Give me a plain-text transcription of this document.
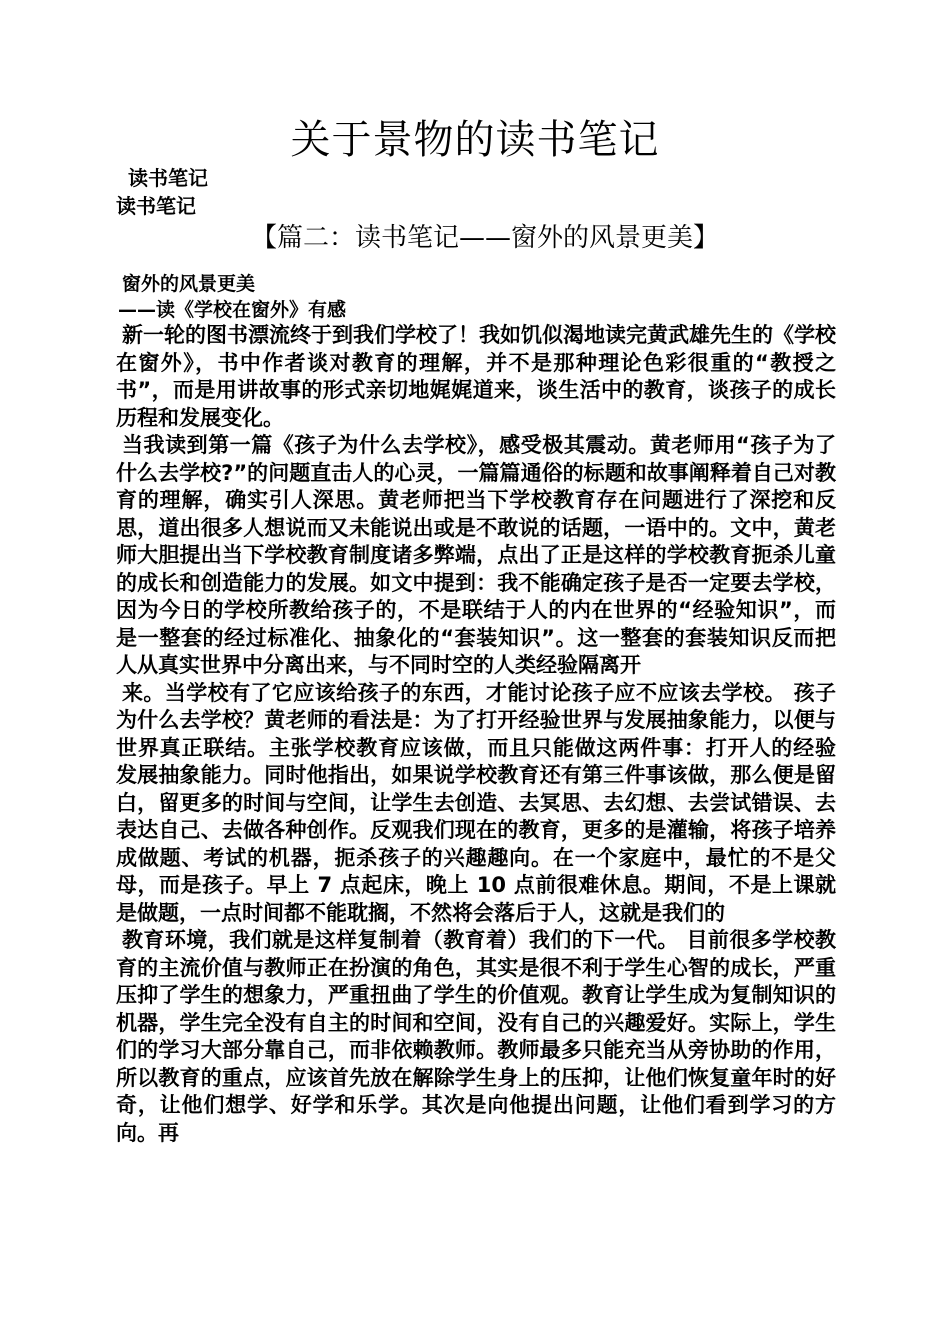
关于景物的读书笔记
读书笔记
读书笔记
【篇二：读书笔记——窗外的风景更美】
窗外的风景更美
——读《学校在窗外》有感

新一轮的图书漂流终于到我们学校了！我如饥似渴地读完黄武雄先生的《学校在窗外》，书中作者谈对教育的理解，并不是那种理论色彩很重的“教授之书”，而是用讲故事的形式亲切地娓娓道来，谈生活中的教育，谈孩子的成长历程和发展变化。

当我读到第一篇《孩子为什么去学校》，感受极其震动。黄老师用“孩子为了什么去学校?”的问题直击人的心灵，一篇篇通俗的标题和故事阐释着自己对教育的理解，确实引人深思。黄老师把当下学校教育存在问题进行了深挖和反思，道出很多人想说而又未能说出或是不敢说的话题，一语中的。文中，黄老师大胆提出当下学校教育制度诸多弊端，点出了正是这样的学校教育扼杀儿童的成长和创造能力的发展。如文中提到：我不能确定孩子是否一定要去学校，因为今日的学校所教给孩子的，不是联结于人的内在世界的“经验知识”，而是一整套的经过标准化、抽象化的“套装知识”。这一整套的套装知识反而把人从真实世界中分离出来，与不同时空的人类经验隔离开

来。当学校有了它应该给孩子的东西，才能讨论孩子应不应该去学校。 孩子为什么去学校？黄老师的看法是：为了打开经验世界与发展抽象能力，以便与世界真正联结。主张学校教育应该做，而且只能做这两件事：打开人的经验 发展抽象能力。同时他指出，如果说学校教育还有第三件事该做，那么便是留白，留更多的时间与空间，让学生去创造、去冥思、去幻想、去尝试错误、去表达自己、去做各种创作。反观我们现在的教育，更多的是灌输，将孩子培养成做题、考试的机器，扼杀孩子的兴趣趣向。在一个家庭中，最忙的不是父母，而是孩子。早上 7 点起床，晚上 10 点前很难休息。期间，不是上课就是做题，一点时间都不能耽搁，不然将会落后于人，这就是我们的

教育环境，我们就是这样复制着（教育着）我们的下一代。 目前很多学校教育的主流价值与教师正在扮演的角色，其实是很不利于学生心智的成长，严重压抑了学生的想象力，严重扭曲了学生的价值观。教育让学生成为复制知识的机器，学生完全没有自主的时间和空间，没有自己的兴趣爱好。实际上，学生们的学习大部分靠自己，而非依赖教师。教师最多只能充当从旁协助的作用，所以教育的重点，应该首先放在解除学生身上的压抑，让他们恢复童年时的好奇，让他们想学、好学和乐学。其次是向他提出问题，让他们看到学习的方向。再
